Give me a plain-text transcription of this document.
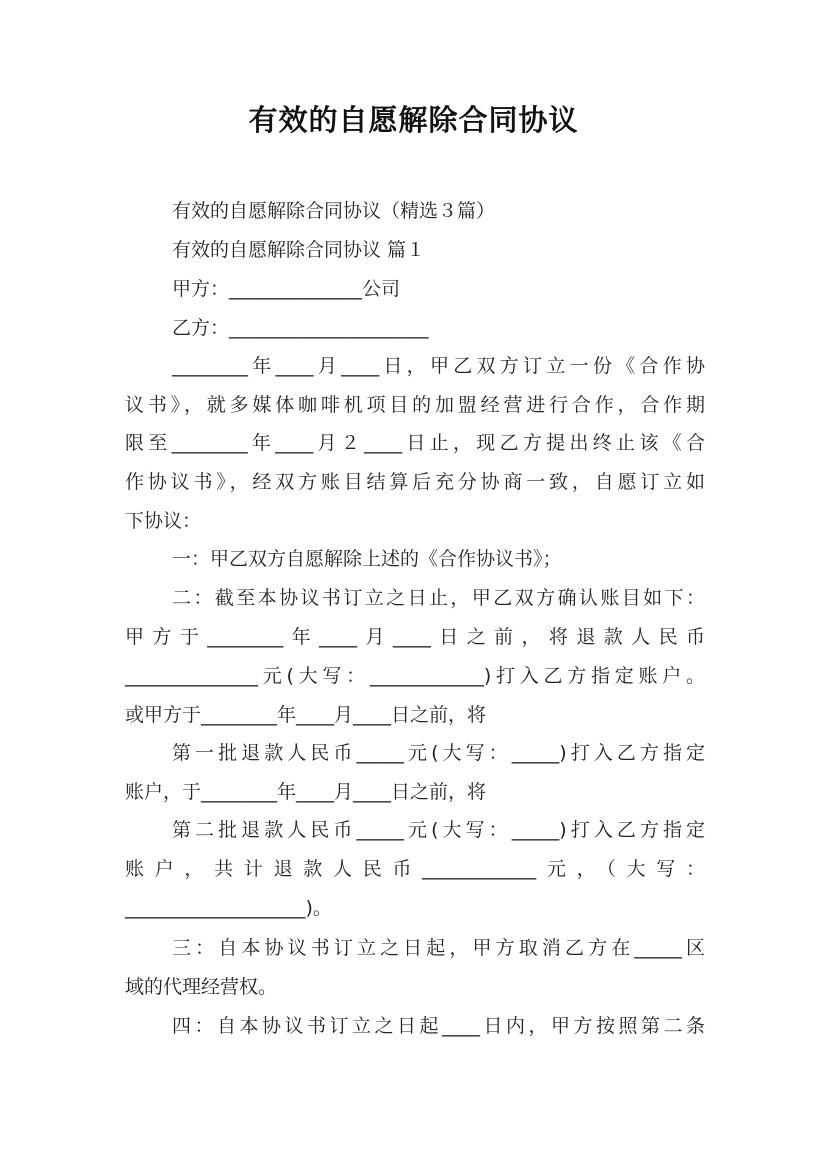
有效的自愿解除合同协议
有效的自愿解除合同协议（精选３篇）
有效的自愿解除合同协议 篇１
甲方：______________公司
乙方：_____________________
________年____月____日，甲乙双方订立一份《合作协
议书》，就多媒体咖啡机项目的加盟经营进行合作，合作期
限至________年____月２____日止，现乙方提出终止该《合
作协议书》，经双方账目结算后充分协商一致，自愿订立如
下协议：
一：甲乙双方自愿解除上述的《合作协议书》；
二：截至本协议书订立之日止，甲乙双方确认账目如下：
甲方于________年____月____日之前，将退款人民币
______________元(大写：____________)打入乙方指定账户。
或甲方于________年____月____日之前，将
第一批退款人民币_____元(大写：_____)打入乙方指定
账户，于________年____月____日之前，将
第二批退款人民币_____元(大写：_____)打入乙方指定
账户，共计退款人民币____________元，（大写：
___________________)。
三：自本协议书订立之日起，甲方取消乙方在_____区
域的代理经营权。
四：自本协议书订立之日起____日内，甲方按照第二条
